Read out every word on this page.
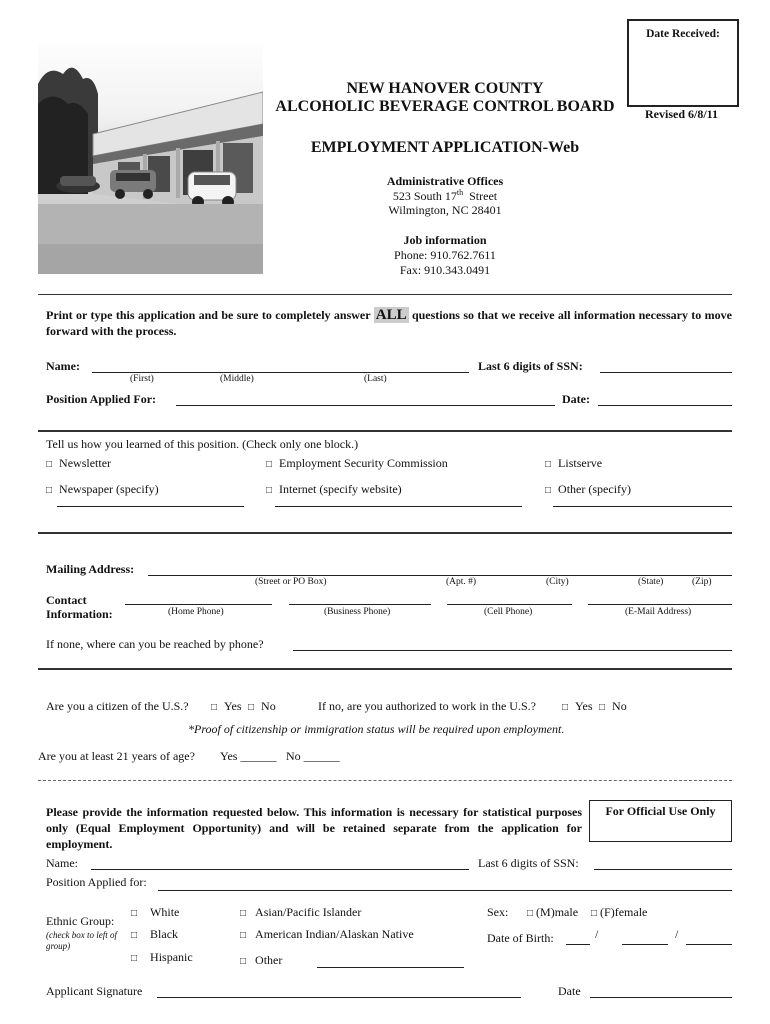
Date Received:
NEW HANOVER COUNTY
ALCOHOLIC BEVERAGE CONTROL BOARD	Revised 6/8/11
EMPLOYMENT APPLICATION-Web
Administrative Offices
523 South 17th  Street
Wilmington, NC 28401
Job information
Phone: 910.762.7611
Fax: 910.343.0491
Print or type this application and be sure to completely answer ALL questions so that we receive all information necessary to move forward with the process.
Name:
(First)	(Middle)	(Last)
Last 6 digits of SSN:
Position Applied For:	Date:
Tell us how you learned of this position. (Check only one block.)
□ Newsletter	□ Employment Security Commission	□ Listserve
□ Newspaper (specify)	□ Internet (specify website)	□ Other (specify)
Mailing Address:
(Street or PO Box)	(Apt. #)	(City)	(State)	(Zip)
Contact
Information:	(Home Phone)	(Business Phone)	(Cell Phone)	(E-Mail Address)
If none, where can you be reached by phone?
Are you a citizen of the U.S.? □ Yes □ No	If no, are you authorized to work in the U.S.?	□ Yes □ No
*Proof of citizenship or immigration status will be required upon employment.
Are you at least 21 years of age? Yes ______ No ______
Please provide the information requested below. This information is necessary for statistical purposes only (Equal Employment Opportunity) and will be retained separate from the application for employment.
For Official Use Only
Name:	Last 6 digits of SSN:
Position Applied for:
Ethnic Group:
(check box to left of group)
□ White
□ Black
□ Hispanic
□ Asian/Pacific Islander
□ American Indian/Alaskan Native
□ Other
Sex: □ (M)male □ (F)female
Date of Birth:	/	/
Applicant Signature	Date
